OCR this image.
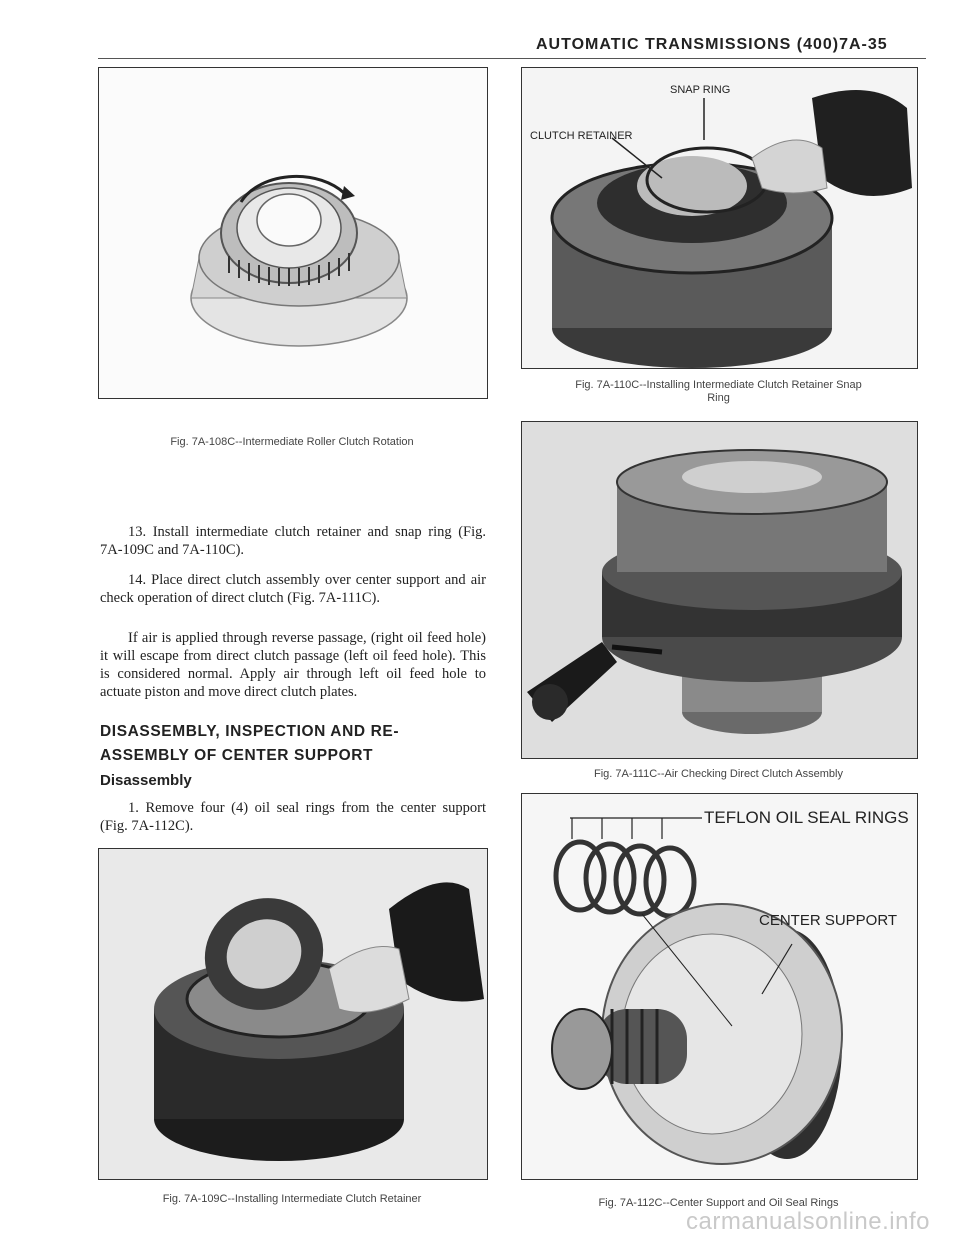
AUTOMATIC TRANSMISSIONS (400)7A-35
Fig. 7A-108C--Intermediate Roller Clutch Rotation
13. Install intermediate clutch retainer and snap ring (Fig. 7A-109C and 7A-110C).
14. Place direct clutch assembly over center support and air check operation of direct clutch (Fig. 7A-111C).
If air is applied through reverse passage, (right oil feed hole) it will escape from direct clutch passage (left oil feed hole). This is considered normal. Apply air through left oil feed hole to actuate piston and move direct clutch plates.
DISASSEMBLY, INSPECTION AND RE-
ASSEMBLY OF CENTER SUPPORT
Disassembly
1. Remove four (4) oil seal rings from the center support (Fig. 7A-112C).
Fig. 7A-109C--Installing Intermediate Clutch Retainer
SNAP RING
CLUTCH RETAINER
Fig. 7A-110C--Installing Intermediate Clutch Retainer Snap
Ring
Fig. 7A-111C--Air Checking Direct Clutch Assembly
TEFLON OIL SEAL RINGS
CENTER SUPPORT
Fig. 7A-112C--Center Support and Oil Seal Rings
carmanualsonline.info
